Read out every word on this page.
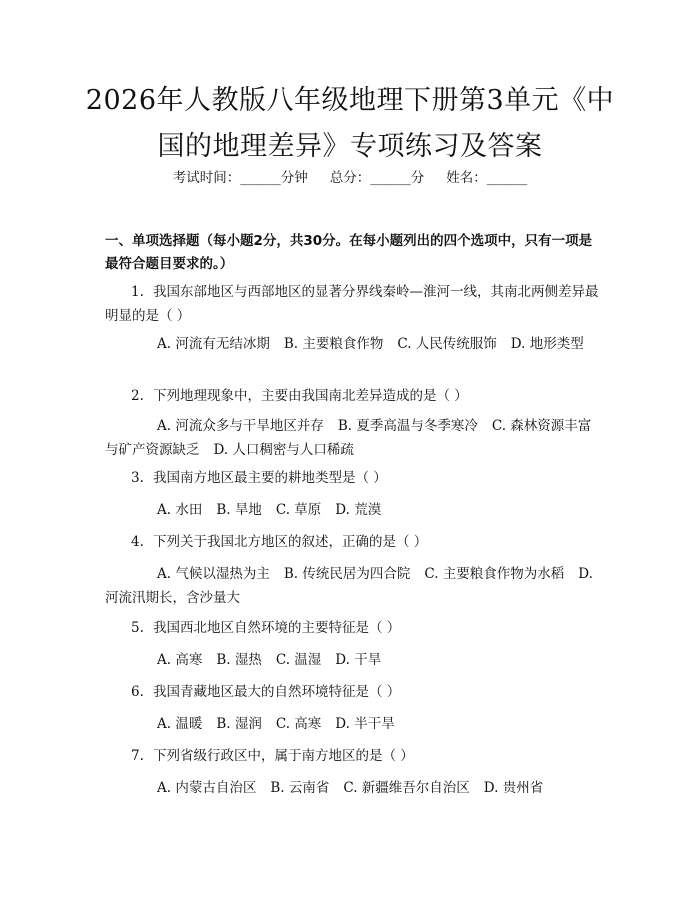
2026年人教版八年级地理下册第3单元《中
国的地理差异》专项练习及答案
考试时间：______分钟 总分：______分 姓名：______

一、单项选择题（每小题2分，共30分。在每小题列出的四个选项中，只有一项是最符合题目要求的。）

1. 我国东部地区与西部地区的显著分界线秦岭—淮河一线，其南北两侧差异最明显的是（ ）

A. 河流有无结冰期 B. 主要粮食作物 C. 人民传统服饰 D. 地形类型

2. 下列地理现象中，主要由我国南北差异造成的是（ ）

A. 河流众多与干旱地区并存 B. 夏季高温与冬季寒冷 C. 森林资源丰富与矿产资源缺乏 D. 人口稠密与人口稀疏

3. 我国南方地区最主要的耕地类型是（ ）

A. 水田 B. 旱地 C. 草原 D. 荒漠

4. 下列关于我国北方地区的叙述，正确的是（ ）

A. 气候以湿热为主 B. 传统民居为四合院 C. 主要粮食作物为水稻 D. 河流汛期长，含沙量大

5. 我国西北地区自然环境的主要特征是（ ）

A. 高寒 B. 湿热 C. 温湿 D. 干旱

6. 我国青藏地区最大的自然环境特征是（ ）

A. 温暖 B. 湿润 C. 高寒 D. 半干旱

7. 下列省级行政区中，属于南方地区的是（ ）

A. 内蒙古自治区 B. 云南省 C. 新疆维吾尔自治区 D. 贵州省
